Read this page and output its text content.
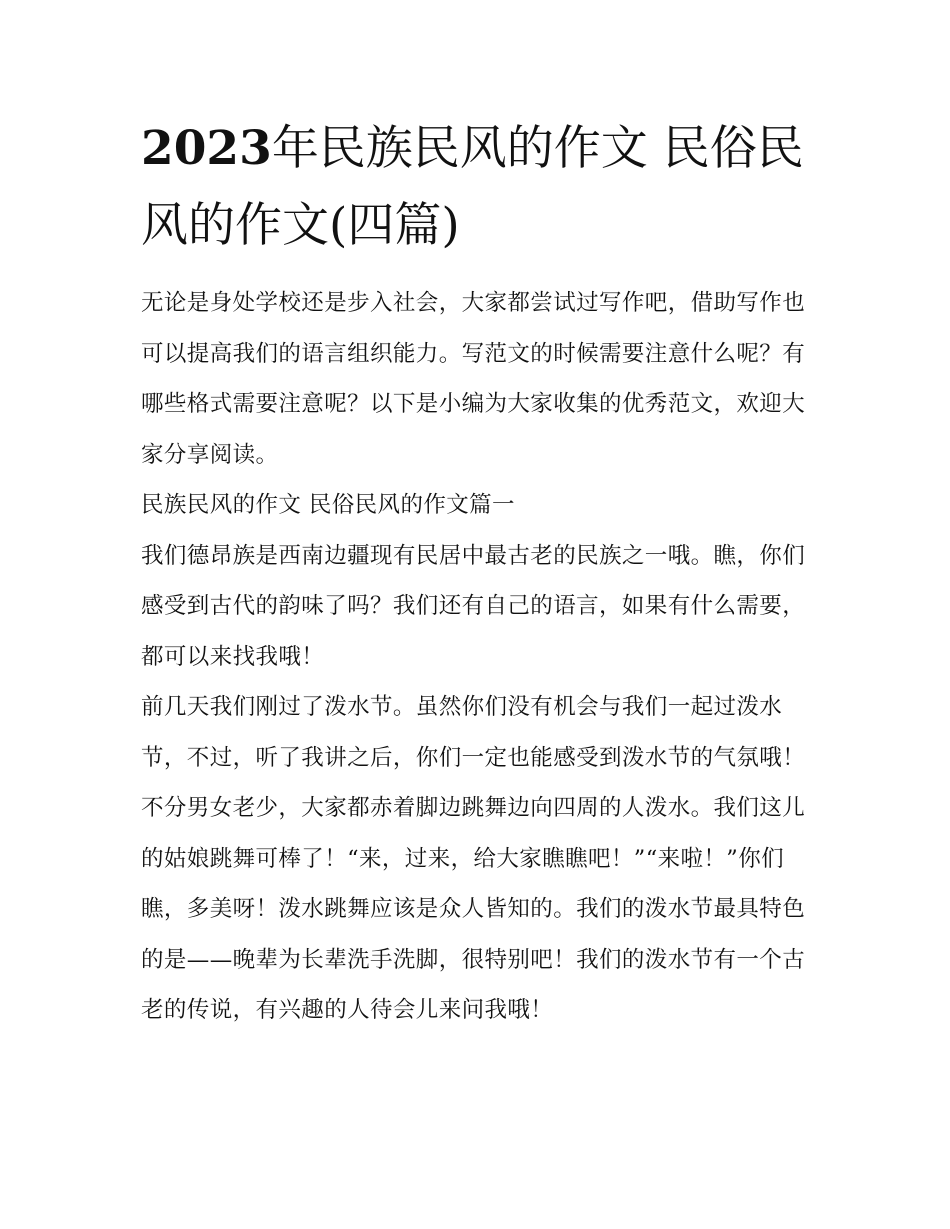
2023年民族民风的作文 民俗民风的作文(四篇)

无论是身处学校还是步入社会，大家都尝试过写作吧，借助写作也可以提高我们的语言组织能力。写范文的时候需要注意什么呢？有哪些格式需要注意呢？以下是小编为大家收集的优秀范文，欢迎大家分享阅读。

民族民风的作文 民俗民风的作文篇一

我们德昂族是西南边疆现有民居中最古老的民族之一哦。瞧，你们感受到古代的韵味了吗？我们还有自己的语言，如果有什么需要，都可以来找我哦！

前几天我们刚过了泼水节。虽然你们没有机会与我们一起过泼水节，不过，听了我讲之后，你们一定也能感受到泼水节的气氛哦！

不分男女老少，大家都赤着脚边跳舞边向四周的人泼水。我们这儿的姑娘跳舞可棒了！“来，过来，给大家瞧瞧吧！”“来啦！”你们瞧，多美呀！泼水跳舞应该是众人皆知的。我们的泼水节最具特色的是——晚辈为长辈洗手洗脚，很特别吧！我们的泼水节有一个古老的传说，有兴趣的人待会儿来问我哦！
